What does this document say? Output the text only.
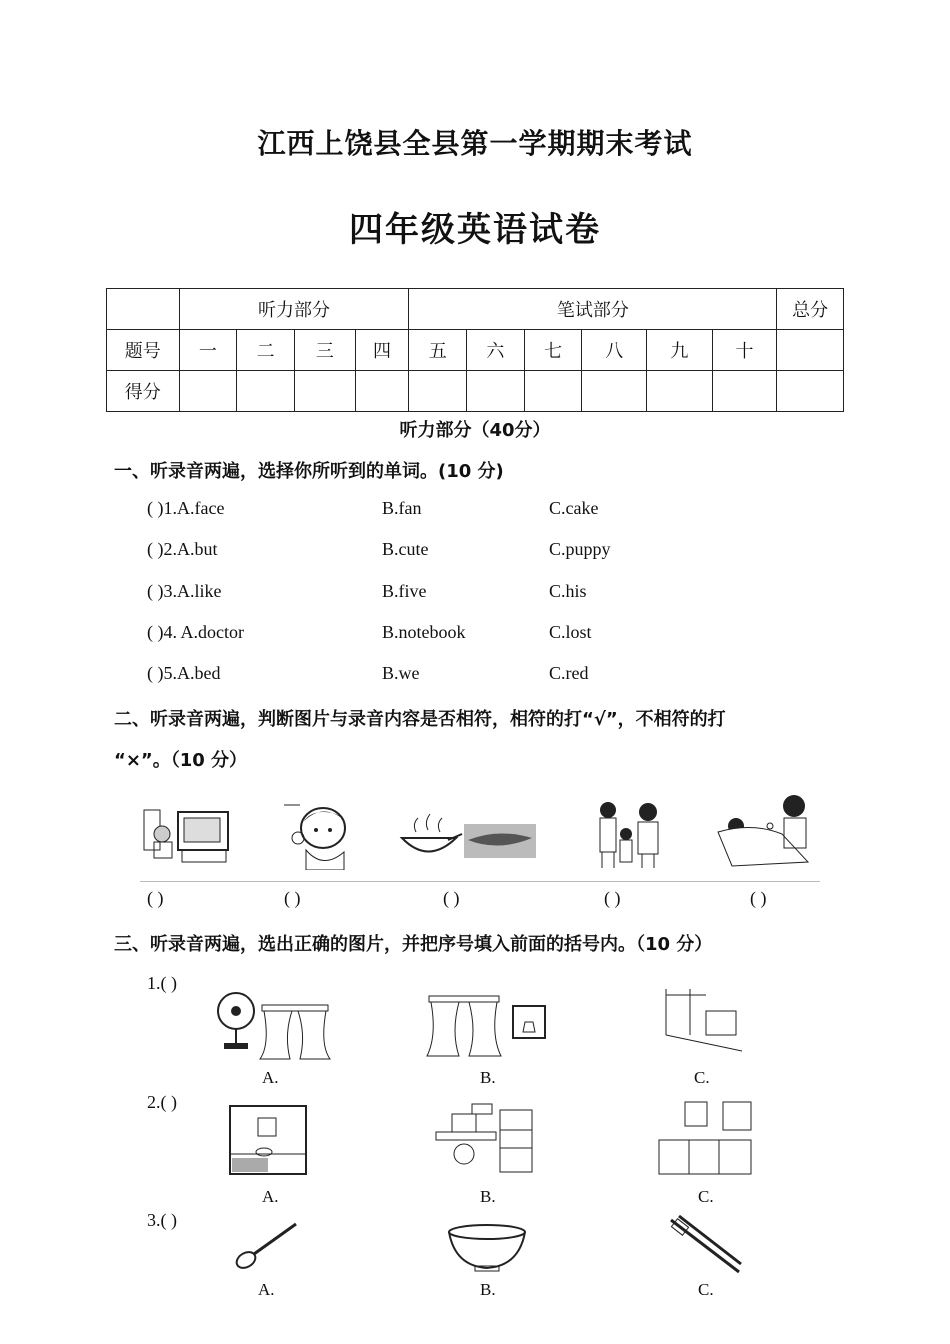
江西上饶县全县第一学期期末考试
四年级英语试卷
	听力部分				笔试部分						总分
题号	一	二	三	四	五	六	七	八	九	十	
得分											
听力部分（40分）
一、听录音两遍，选择你所听到的单词。(10 分)
( )1.A.face	B.fan	C.cake
( )2.A.but	B.cute	C.puppy
( )3.A.like	B.five	C.his
( )4. A.doctor	B.notebook	C.lost
( )5.A.bed	B.we	C.red
二、听录音两遍，判断图片与录音内容是否相符，相符的打“√”，不相符的打
“×”。（10 分）
( )	( )	( )	( )	( )
三、听录音两遍，选出正确的图片，并把序号填入前面的括号内。（10 分）
1.( )
A.	B.	C.
2.( )
A.	B.	C.
3.( )
A.	B.	C.
